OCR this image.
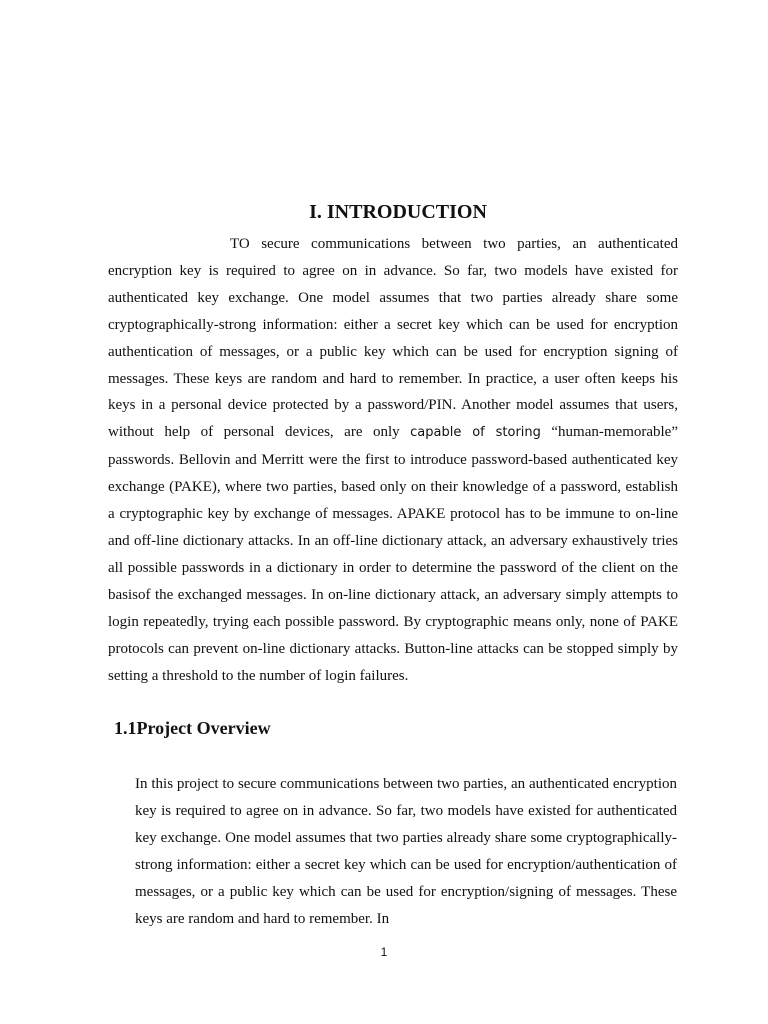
I. INTRODUCTION

TO secure communications between two parties, an authenticated encryption key is required to agree on in advance. So far, two models have existed for authenticated key exchange. One model assumes that two parties already share some cryptographically-strong information: either a secret key which can be used for encryption authentication of messages, or a public key which can be used for encryption signing of messages. These keys are random and hard to remember. In practice, a user often keeps his keys in a personal device protected by a password/PIN. Another model assumes that users, without help of personal devices, are only capable of storing “human-memorable” passwords. Bellovin and Merritt were the first to introduce password-based authenticated key exchange (PAKE), where two parties, based only on their knowledge of a password, establish a cryptographic key by exchange of messages. APAKE protocol has to be immune to on-line and off-line dictionary attacks. In an off-line dictionary attack, an adversary exhaustively tries all possible passwords in a dictionary in order to determine the password of the client on the basisof the exchanged messages. In on-line dictionary attack, an adversary simply attempts to login repeatedly, trying each possible password. By cryptographic means only, none of PAKE protocols can prevent on-line dictionary attacks. Button-line attacks can be stopped simply by setting a threshold to the number of login failures.

1.1Project Overview

In this project to secure communications between two parties, an authenticated encryption key is required to agree on in advance. So far, two models have existed for authenticated key exchange. One model assumes that two parties already share some cryptographically-strong information: either a secret key which can be used for encryption/authentication of messages, or a public key which can be used for encryption/signing of messages. These keys are random and hard to remember. In

1
